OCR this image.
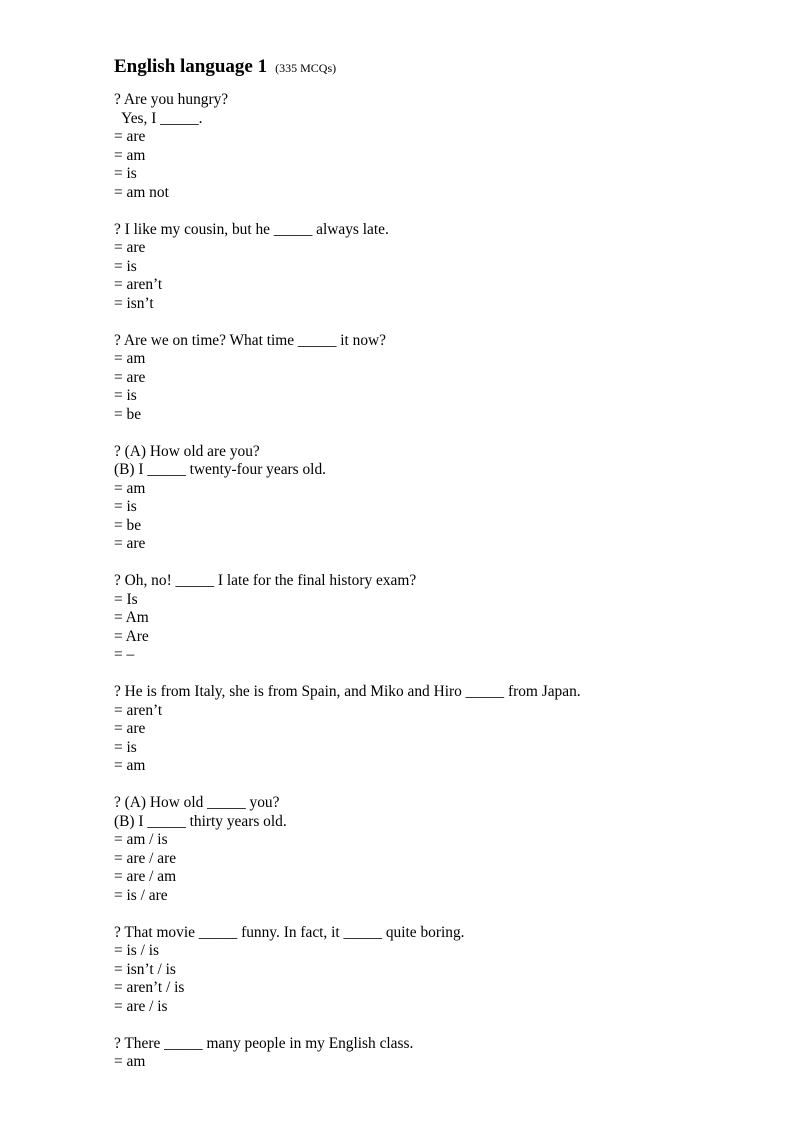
English language 1 (335 MCQs)
? Are you hungry?
Yes, I _____.
= are
= am
= is
= am not
? I like my cousin, but he _____ always late.
= are
= is
= aren’t
= isn’t
? Are we on time? What time _____ it now?
= am
= are
= is
= be
? (A) How old are you?
(B) I _____ twenty-four years old.
= am
= is
= be
= are
? Oh, no! _____ I late for the final history exam?
= Is
= Am
= Are
= –
? He is from Italy, she is from Spain, and Miko and Hiro _____ from Japan.
= aren’t
= are
= is
= am
? (A) How old _____ you?
(B) I _____ thirty years old.
= am / is
= are / are
= are / am
= is / are
? That movie _____ funny. In fact, it _____ quite boring.
= is / is
= isn’t / is
= aren’t / is
= are / is
? There _____ many people in my English class.
= am
